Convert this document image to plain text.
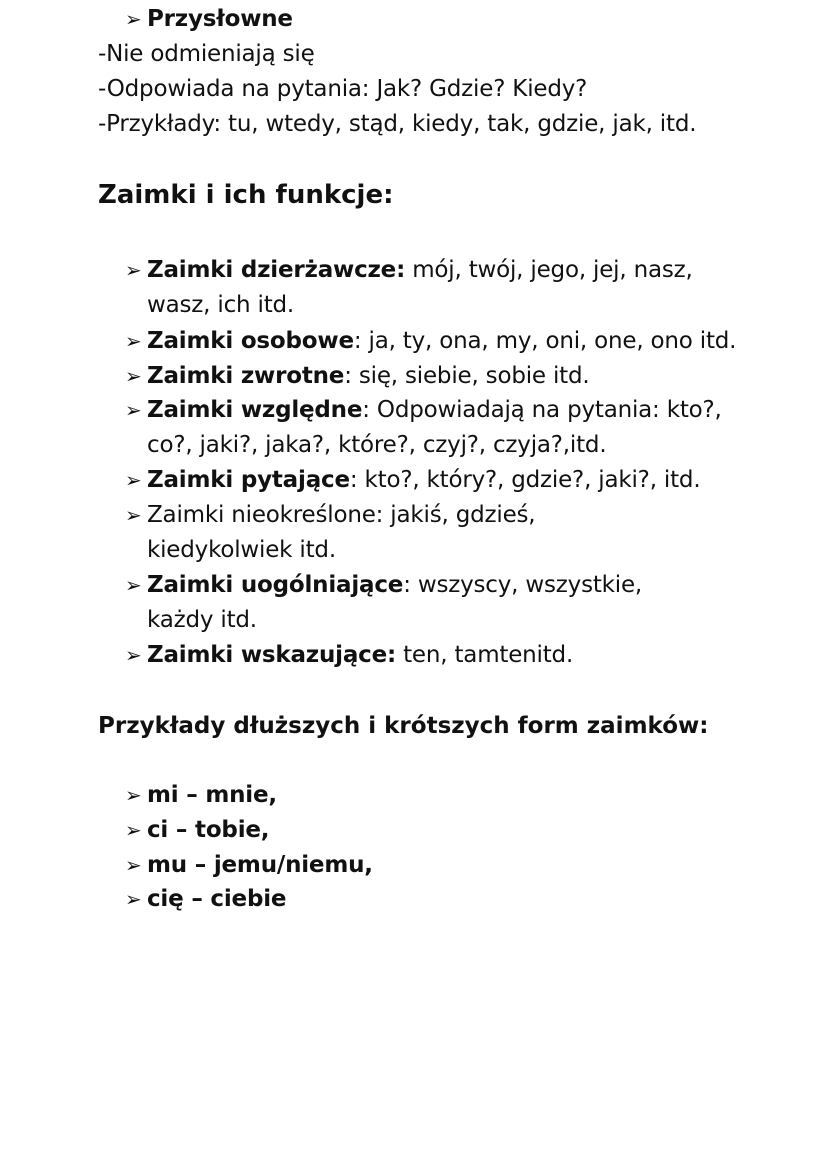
➢ Przysłowne
-Nie odmieniają się
-Odpowiada na pytania: Jak? Gdzie? Kiedy?
-Przykłady: tu, wtedy, stąd, kiedy, tak, gdzie, jak, itd.
Zaimki i ich funkcje:
➢ Zaimki dzierżawcze: mój, twój, jego, jej, nasz,
wasz, ich itd.
➢ Zaimki osobowe: ja, ty, ona, my, oni, one, ono itd.
➢ Zaimki zwrotne: się, siebie, sobie itd.
➢ Zaimki względne: Odpowiadają na pytania: kto?,
co?, jaki?, jaka?, które?, czyj?, czyja?,itd.
➢ Zaimki pytające: kto?, który?, gdzie?, jaki?, itd.
➢ Zaimki nieokreślone: jakiś, gdzieś,
kiedykolwiek itd.
➢ Zaimki uogólniające: wszyscy, wszystkie,
każdy itd.
➢ Zaimki wskazujące: ten, tamtenitd.
Przykłady dłuższych i krótszych form zaimków:
➢ mi – mnie,
➢ ci – tobie,
➢ mu – jemu/niemu,
➢ cię – ciebie
